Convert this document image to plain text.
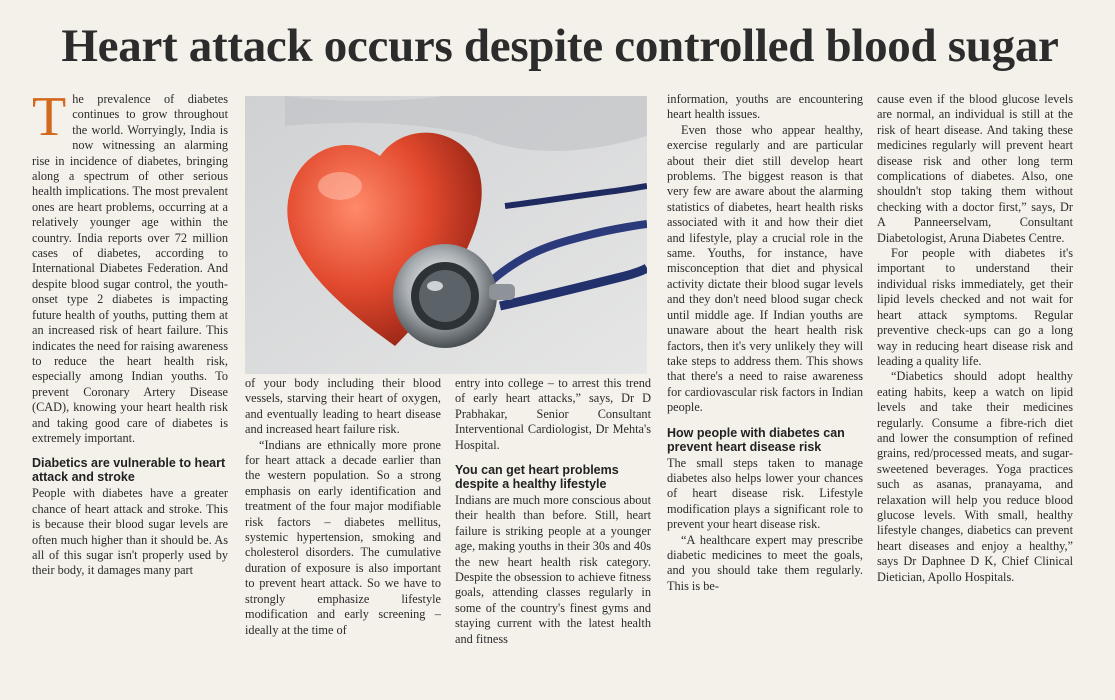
Heart attack occurs despite controlled blood sugar

The prevalence of diabetes continues to grow throughout the world. Worryingly, India is now witnessing an alarming rise in incidence of diabetes, bringing along a spectrum of other serious health implications. The most prevalent ones are heart problems, occurring at a relatively younger age within the country. India reports over 72 million cases of diabetes, according to International Diabetes Federation. And despite blood sugar control, the youth-onset type 2 diabetes is impacting future health of youths, putting them at an increased risk of heart failure. This indicates the need for raising awareness to reduce the heart health risk, especially among Indian youths. To prevent Coronary Artery Disease (CAD), knowing your heart health risk and taking good care of diabetes is extremely important.

Diabetics are vulnerable to heart attack and stroke

People with diabetes have a greater chance of heart attack and stroke. This is because their blood sugar levels are often much higher than it should be. As all of this sugar isn't properly used by their body, it damages many part

of your body including their blood vessels, starving their heart of oxygen, and eventually leading to heart disease and increased heart failure risk.

“Indians are ethnically more prone for heart attack a decade earlier than the western population. So a strong emphasis on early identification and treatment of the four major modifiable risk factors – diabetes mellitus, systemic hypertension, smoking and cholesterol disorders. The cumulative duration of exposure is also important to prevent heart attack. So we have to strongly emphasize lifestyle modification and early screening – ideally at the time of

entry into college – to arrest this trend of early heart attacks,” says, Dr D Prabhakar, Senior Consultant Interventional Cardiologist, Dr Mehta's Hospital.

You can get heart problems despite a healthy lifestyle

Indians are much more conscious about their health than before. Still, heart failure is striking people at a younger age, making youths in their 30s and 40s the new heart health risk category. Despite the obsession to achieve fitness goals, attending classes regularly in some of the country's finest gyms and staying current with the latest health and fitness

information, youths are encountering heart health issues.

Even those who appear healthy, exercise regularly and are particular about their diet still develop heart problems. The biggest reason is that very few are aware about the alarming statistics of diabetes, heart health risks associated with it and how their diet and lifestyle, play a crucial role in the same. Youths, for instance, have misconception that diet and physical activity dictate their blood sugar levels and they don't need blood sugar check until middle age. If Indian youths are unaware about the heart health risk factors, then it's very unlikely they will take steps to address them. This shows that there's a need to raise awareness for cardiovascular risk factors in Indian people.

How people with diabetes can prevent heart disease risk

The small steps taken to manage diabetes also helps lower your chances of heart disease risk. Lifestyle modification plays a significant role to prevent your heart disease risk.

“A healthcare expert may prescribe diabetic medicines to meet the goals, and you should take them regularly. This is be-

cause even if the blood glucose levels are normal, an individual is still at the risk of heart disease. And taking these medicines regularly will prevent heart disease risk and other long term complications of diabetes. Also, one shouldn't stop taking them without checking with a doctor first,” says, Dr A Panneerselvam, Consultant Diabetologist, Aruna Diabetes Centre.

For people with diabetes it's important to understand their individual risks immediately, get their lipid levels checked and not wait for heart attack symptoms. Regular preventive check-ups can go a long way in reducing heart disease risk and leading a quality life.

“Diabetics should adopt healthy eating habits, keep a watch on lipid levels and take their medicines regularly. Consume a fibre-rich diet and lower the consumption of refined grains, red/processed meats, and sugar-sweetened beverages. Yoga practices such as asanas, pranayama, and relaxation will help you reduce blood glucose levels. With small, healthy lifestyle changes, diabetics can prevent heart diseases and enjoy a healthy,” says Dr Daphnee D K, Chief Clinical Dietician, Apollo Hospitals.
